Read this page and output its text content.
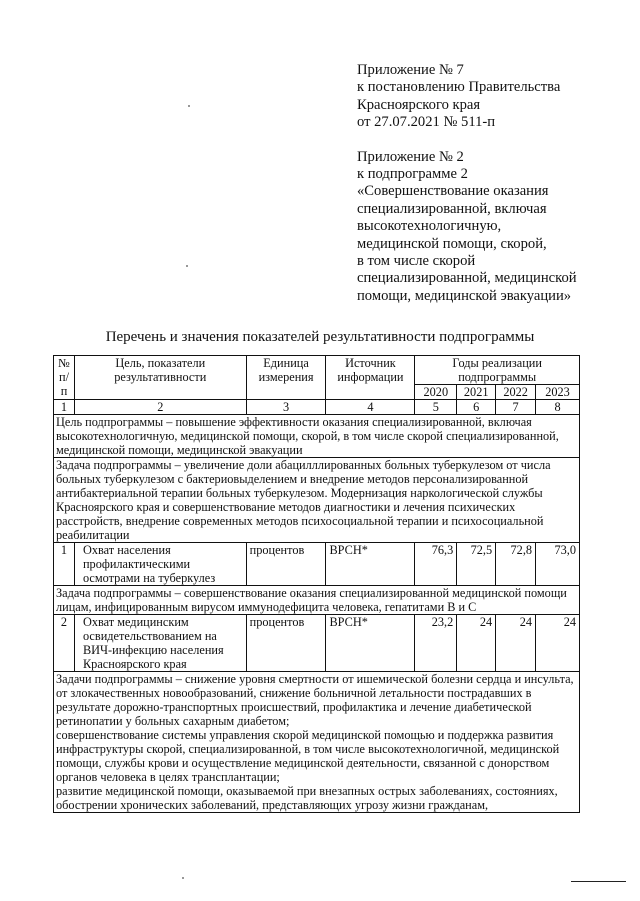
Приложение № 7

к постановлению Правительства

Красноярского края

от 27.07.2021 № 511-п

Приложение № 2

к подпрограмме 2

«Совершенствование оказания

специализированной, включая

высокотехнологичную,

медицинской помощи, скорой,

в том числе скорой

специализированной, медицинской

помощи, медицинской эвакуации»

Перечень и значения показателей результативности подпрограммы
№ п/п	Цель, показатели результативности	Единица измерения	Источник информации	Годы реализации подпрограммы			
				2020	2021	2022	2023
1	2	3	4	5	6	7	8
Цель подпрограммы – повышение эффективности оказания специализированной, включая высокотехнологичную, медицинской помощи, скорой, в том числе скорой специализированной, медицинской помощи, медицинской эвакуации							
Задача подпрограммы – увеличение доли абацилллированных больных туберкулезом от числа больных туберкулезом с бактериовыделением и внедрение методов персонализированной антибактериальной терапии больных туберкулезом. Модернизация наркологической службы Красноярского края и совершенствование методов диагностики и лечения психических расстройств, внедрение современных методов психосоциальной терапии и психосоциальной реабилитации							
1	Охват населения профилактическими осмотрами на туберкулез	процентов	ВРСН*	76,3	72,5	72,8	73,0
Задача подпрограммы – совершенствование оказания специализированной медицинской помощи лицам, инфицированным вирусом иммунодефицита человека, гепатитами В и С							
2	Охват медицинским освидетельствованием на ВИЧ-инфекцию населения Красноярского края	процентов	ВРСН*	23,2	24	24	24

Задачи подпрограммы – снижение уровня смертности от ишемической болезни сердца и инсульта, от злокачественных новообразований, снижение больничной летальности пострадавших в результате дорожно-транспортных происшествий, профилактика и лечение диабетической ретинопатии у больных сахарным диабетом;
совершенствование системы управления скорой медицинской помощью и поддержка развития инфраструктуры скорой, специализированной, в том числе высокотехнологичной, медицинской помощи, службы крови и осуществление медицинской деятельности, связанной с донорством органов человека в целях трансплантации;
развитие медицинской помощи, оказываемой при внезапных острых заболеваниях, состояниях, обострении хронических заболеваний, представляющих угрозу жизни гражданам,							
